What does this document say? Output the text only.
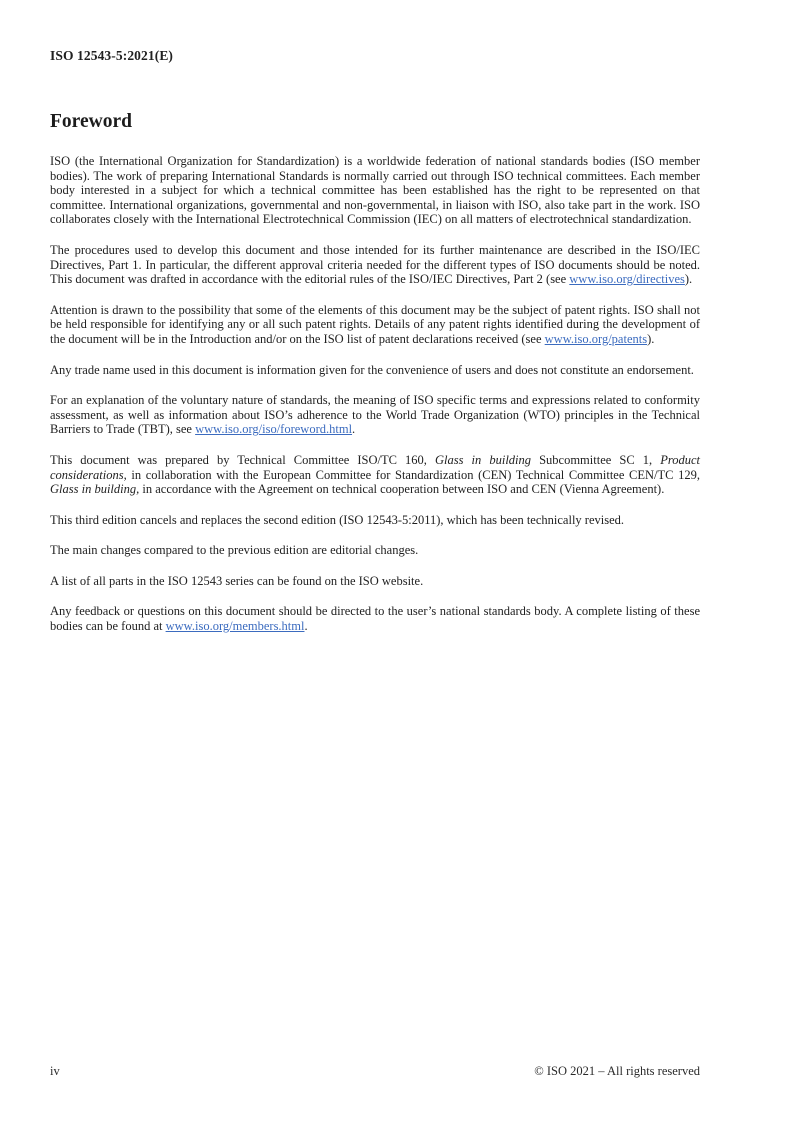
ISO 12543-5:2021(E)
Foreword

ISO (the International Organization for Standardization) is a worldwide federation of national standards bodies (ISO member bodies). The work of preparing International Standards is normally carried out through ISO technical committees. Each member body interested in a subject for which a technical committee has been established has the right to be represented on that committee. International organizations, governmental and non-governmental, in liaison with ISO, also take part in the work. ISO collaborates closely with the International Electrotechnical Commission (IEC) on all matters of electrotechnical standardization.

The procedures used to develop this document and those intended for its further maintenance are described in the ISO/IEC Directives, Part 1. In particular, the different approval criteria needed for the different types of ISO documents should be noted. This document was drafted in accordance with the editorial rules of the ISO/IEC Directives, Part 2 (see www.iso.org/directives).

Attention is drawn to the possibility that some of the elements of this document may be the subject of patent rights. ISO shall not be held responsible for identifying any or all such patent rights. Details of any patent rights identified during the development of the document will be in the Introduction and/or on the ISO list of patent declarations received (see www.iso.org/patents).

Any trade name used in this document is information given for the convenience of users and does not constitute an endorsement.

For an explanation of the voluntary nature of standards, the meaning of ISO specific terms and expressions related to conformity assessment, as well as information about ISO’s adherence to the World Trade Organization (WTO) principles in the Technical Barriers to Trade (TBT), see www.iso.org/iso/foreword.html.

This document was prepared by Technical Committee ISO/TC 160, Glass in building Subcommittee SC 1, Product considerations, in collaboration with the European Committee for Standardization (CEN) Technical Committee CEN/TC 129, Glass in building, in accordance with the Agreement on technical cooperation between ISO and CEN (Vienna Agreement).

This third edition cancels and replaces the second edition (ISO 12543-5:2011), which has been technically revised.

The main changes compared to the previous edition are editorial changes.

A list of all parts in the ISO 12543 series can be found on the ISO website.

Any feedback or questions on this document should be directed to the user’s national standards body. A complete listing of these bodies can be found at www.iso.org/members.html.

iv	© ISO 2021 – All rights reserved
